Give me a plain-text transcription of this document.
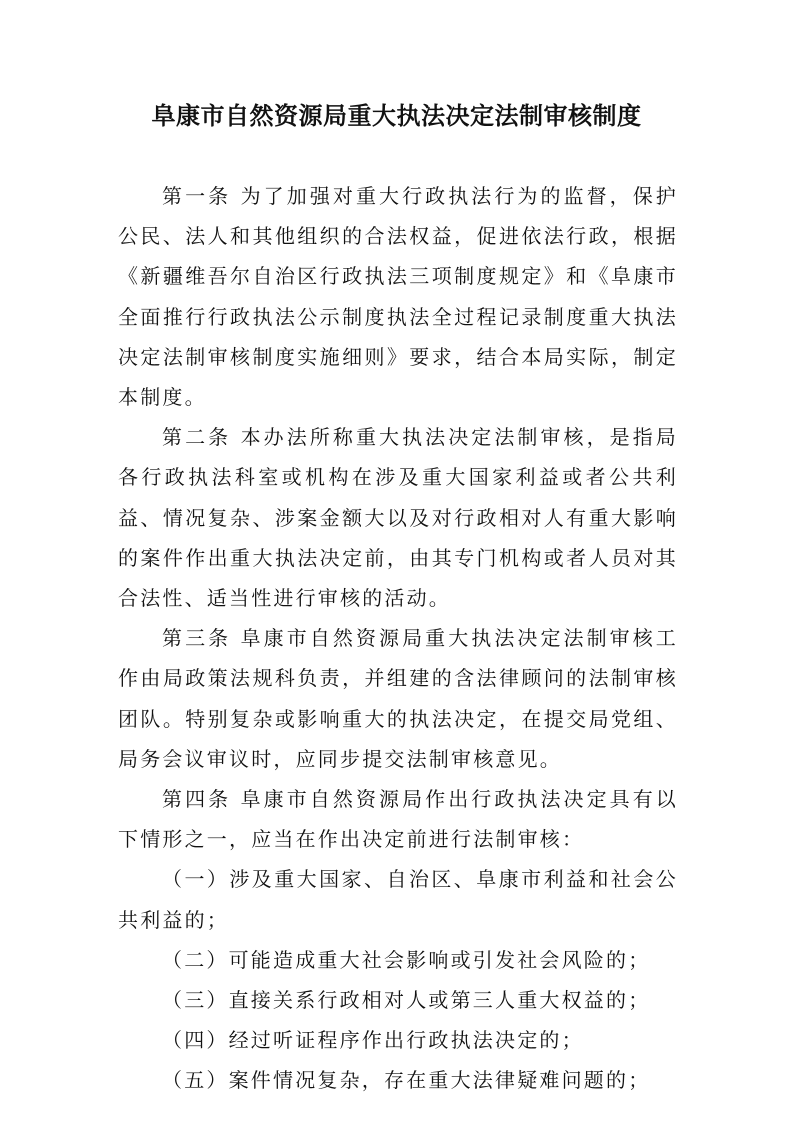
阜康市自然资源局重大执法决定法制审核制度

第一条 为了加强对重大行政执法行为的监督，保护公民、法人和其他组织的合法权益，促进依法行政，根据《新疆维吾尔自治区行政执法三项制度规定》和《阜康市全面推行行政执法公示制度执法全过程记录制度重大执法决定法制审核制度实施细则》要求，结合本局实际，制定本制度。

第二条 本办法所称重大执法决定法制审核，是指局各行政执法科室或机构在涉及重大国家利益或者公共利益、情况复杂、涉案金额大以及对行政相对人有重大影响的案件作出重大执法决定前，由其专门机构或者人员对其合法性、适当性进行审核的活动。

第三条 阜康市自然资源局重大执法决定法制审核工作由局政策法规科负责，并组建的含法律顾问的法制审核团队。特别复杂或影响重大的执法决定，在提交局党组、局务会议审议时，应同步提交法制审核意见。

第四条 阜康市自然资源局作出行政执法决定具有以下情形之一，应当在作出决定前进行法制审核：

（一）涉及重大国家、自治区、阜康市利益和社会公共利益的；

（二）可能造成重大社会影响或引发社会风险的；

（三）直接关系行政相对人或第三人重大权益的；

（四）经过听证程序作出行政执法决定的；

（五）案件情况复杂，存在重大法律疑难问题的；
